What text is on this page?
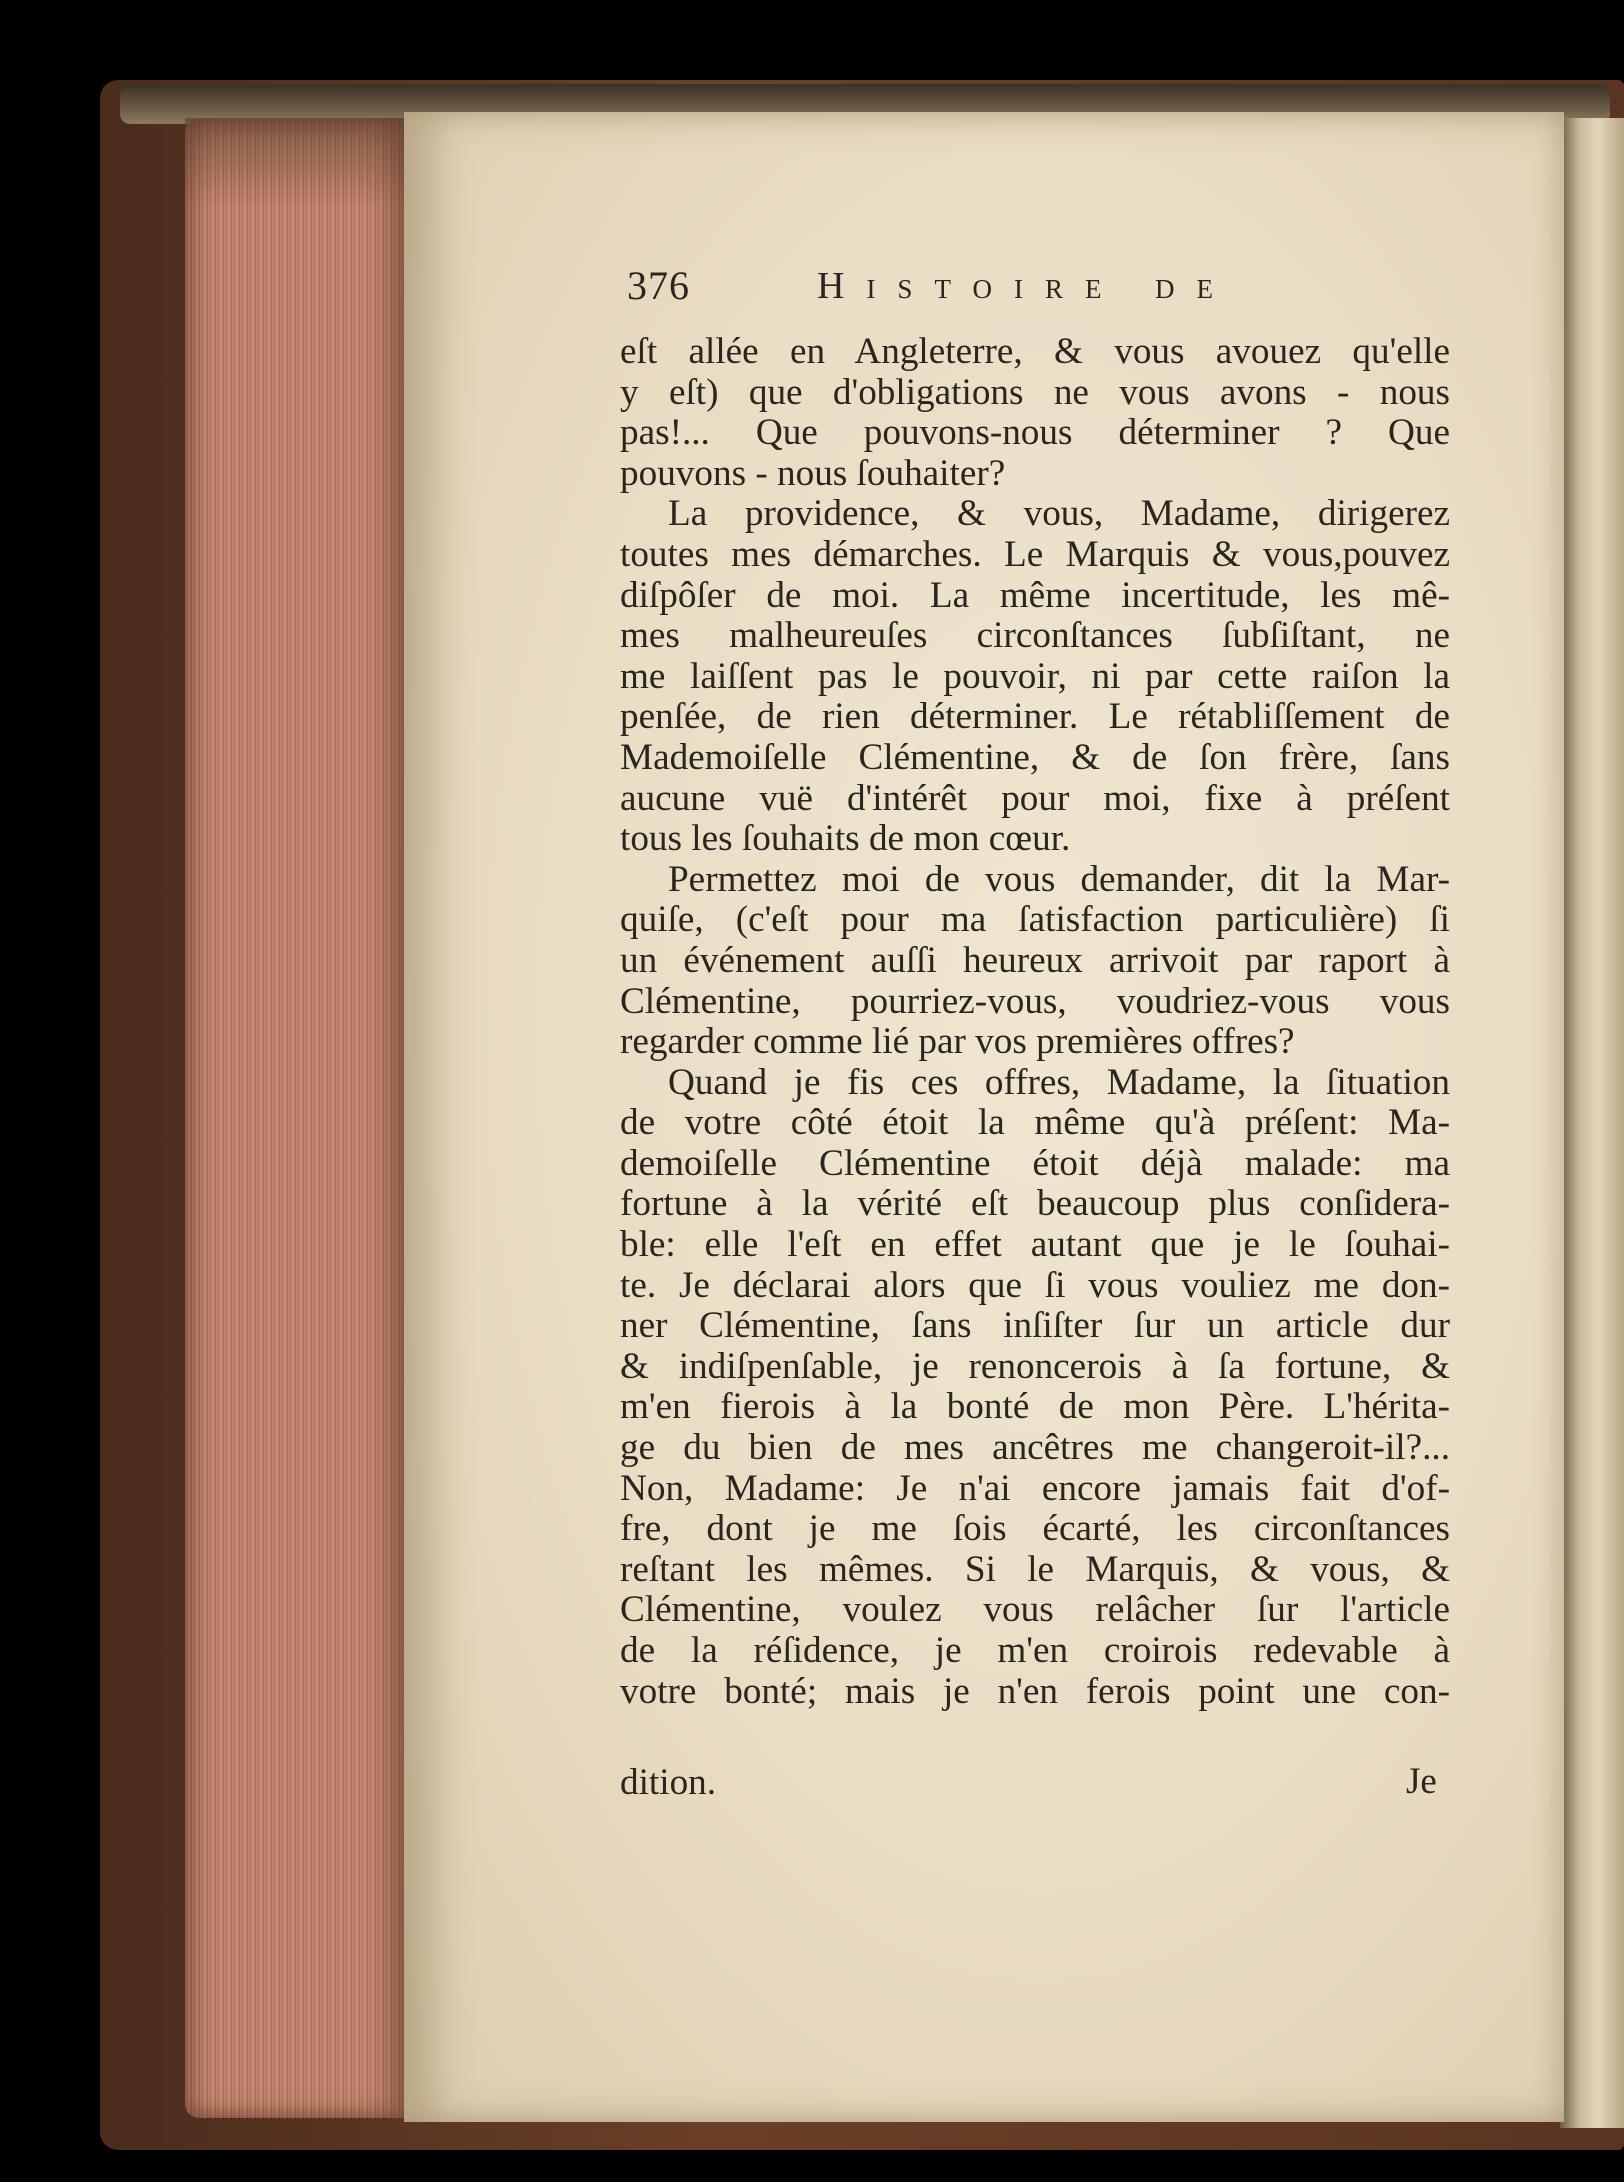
376	Histoire de
eſt allée en Angleterre, & vous avouez qu'elle
y eſt) que d'obligations ne vous avons - nous
pas!... Que pouvons-nous déterminer ? Que
pouvons - nous ſouhaiter?
La providence, & vous, Madame, dirigerez
toutes mes démarches. Le Marquis & vous,pouvez
diſpôſer de moi. La même incertitude, les mê-
mes malheureuſes circonſtances ſubſiſtant, ne
me laiſſent pas le pouvoir, ni par cette raiſon la
penſée, de rien déterminer. Le rétabliſſement de
Mademoiſelle Clémentine, & de ſon frère, ſans
aucune vuë d'intérêt pour moi, fixe à préſent
tous les ſouhaits de mon cœur.
Permettez moi de vous demander, dit la Mar-
quiſe, (c'eſt pour ma ſatisfaction particulière) ſi
un événement auſſi heureux arrivoit par raport à
Clémentine, pourriez-vous, voudriez-vous vous
regarder comme lié par vos premières offres?
Quand je fis ces offres, Madame, la ſituation
de votre côté étoit la même qu'à préſent: Ma-
demoiſelle Clémentine étoit déjà malade: ma
fortune à la vérité eſt beaucoup plus conſidera-
ble: elle l'eſt en effet autant que je le ſouhai-
te. Je déclarai alors que ſi vous vouliez me don-
ner Clémentine, ſans inſiſter ſur un article dur
& indiſpenſable, je renoncerois à ſa fortune, &
m'en fierois à la bonté de mon Père. L'hérita-
ge du bien de mes ancêtres me changeroit-il?...
Non, Madame: Je n'ai encore jamais fait d'of-
fre, dont je me ſois écarté, les circonſtances
reſtant les mêmes. Si le Marquis, & vous, &
Clémentine, voulez vous relâcher ſur l'article
de la réſidence, je m'en croirois redevable à
votre bonté; mais je n'en ferois point une con-
dition.	Je
